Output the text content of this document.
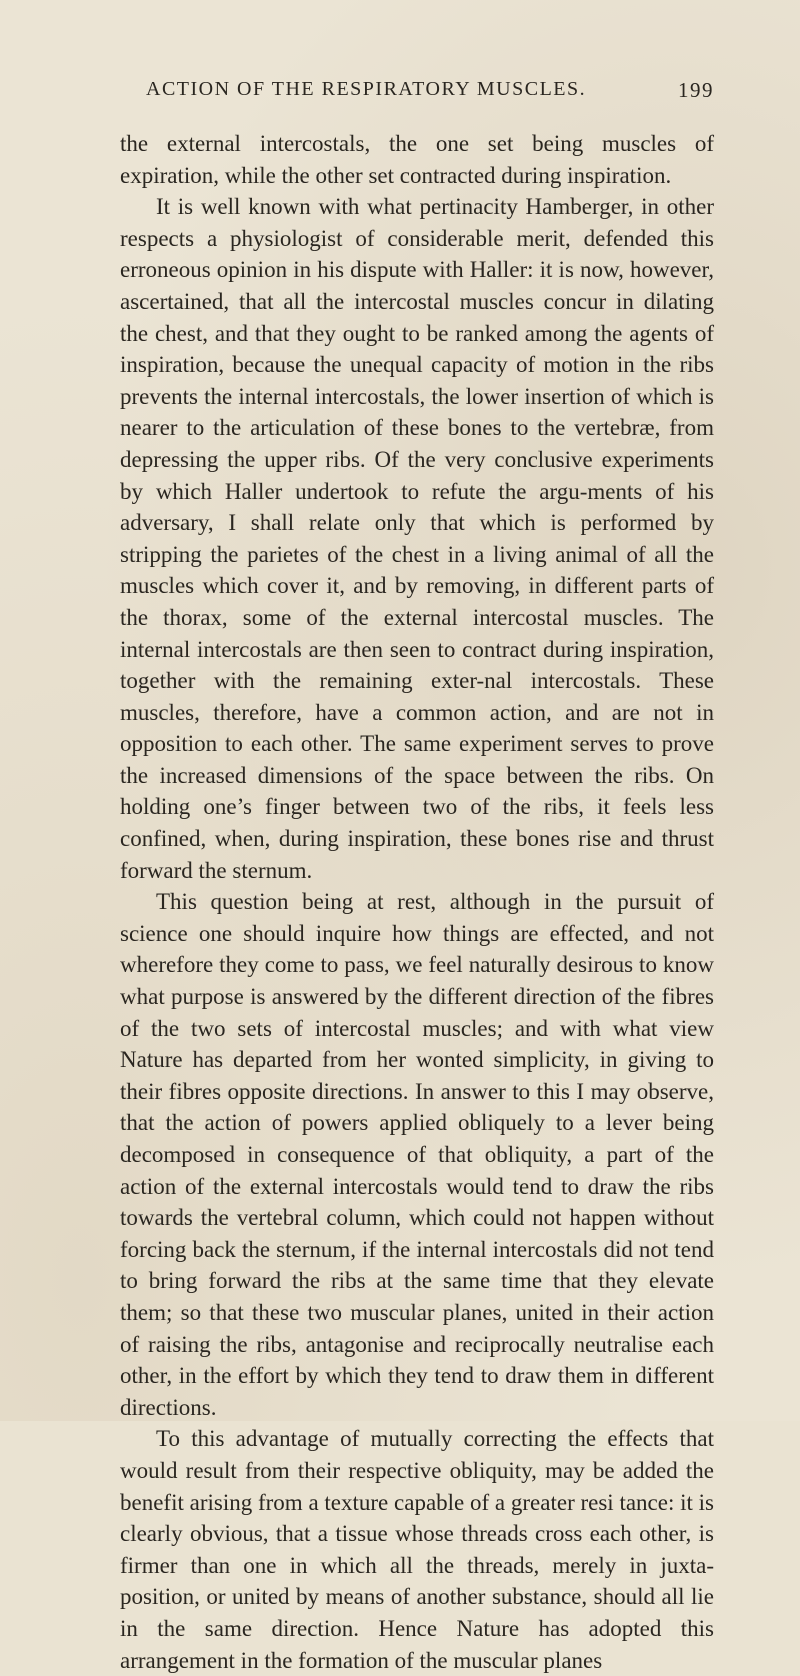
ACTION OF THE RESPIRATORY MUSCLES.	199

the external intercostals, the one set being muscles of expiration, while the other set contracted during inspiration.

It is well known with what pertinacity Hamberger, in other respects a physiologist of considerable merit, defended this erroneous opinion in his dispute with Haller: it is now, however, ascertained, that all the intercostal muscles concur in dilating the chest, and that they ought to be ranked among the agents of inspiration, because the unequal capacity of motion in the ribs prevents the internal intercostals, the lower insertion of which is nearer to the articulation of these bones to the vertebræ, from depressing the upper ribs. Of the very conclusive experiments by which Haller undertook to refute the argu-ments of his adversary, I shall relate only that which is performed by stripping the parietes of the chest in a living animal of all the muscles which cover it, and by removing, in different parts of the thorax, some of the external intercostal muscles. The internal intercostals are then seen to contract during inspiration, together with the remaining exter-nal intercostals. These muscles, therefore, have a common action, and are not in opposition to each other. The same experiment serves to prove the increased dimensions of the space between the ribs. On holding one’s finger between two of the ribs, it feels less confined, when, during inspiration, these bones rise and thrust forward the sternum.

This question being at rest, although in the pursuit of science one should inquire how things are effected, and not wherefore they come to pass, we feel naturally desirous to know what purpose is answered by the different direction of the fibres of the two sets of intercostal muscles; and with what view Nature has departed from her wonted simplicity, in giving to their fibres opposite directions. In answer to this I may observe, that the action of powers applied obliquely to a lever being decomposed in consequence of that obliquity, a part of the action of the external intercostals would tend to draw the ribs towards the vertebral column, which could not happen without forcing back the sternum, if the internal intercostals did not tend to bring forward the ribs at the same time that they elevate them; so that these two muscular planes, united in their action of raising the ribs, antagonise and reciprocally neutralise each other, in the effort by which they tend to draw them in different directions.

To this advantage of mutually correcting the effects that would result from their respective obliquity, may be added the benefit arising from a texture capable of a greater resi tance: it is clearly obvious, that a tissue whose threads cross each other, is firmer than one in which all the threads, merely in juxta-position, or united by means of another substance, should all lie in the same direction. Hence Nature has adopted this arrangement in the formation of the muscular planes
